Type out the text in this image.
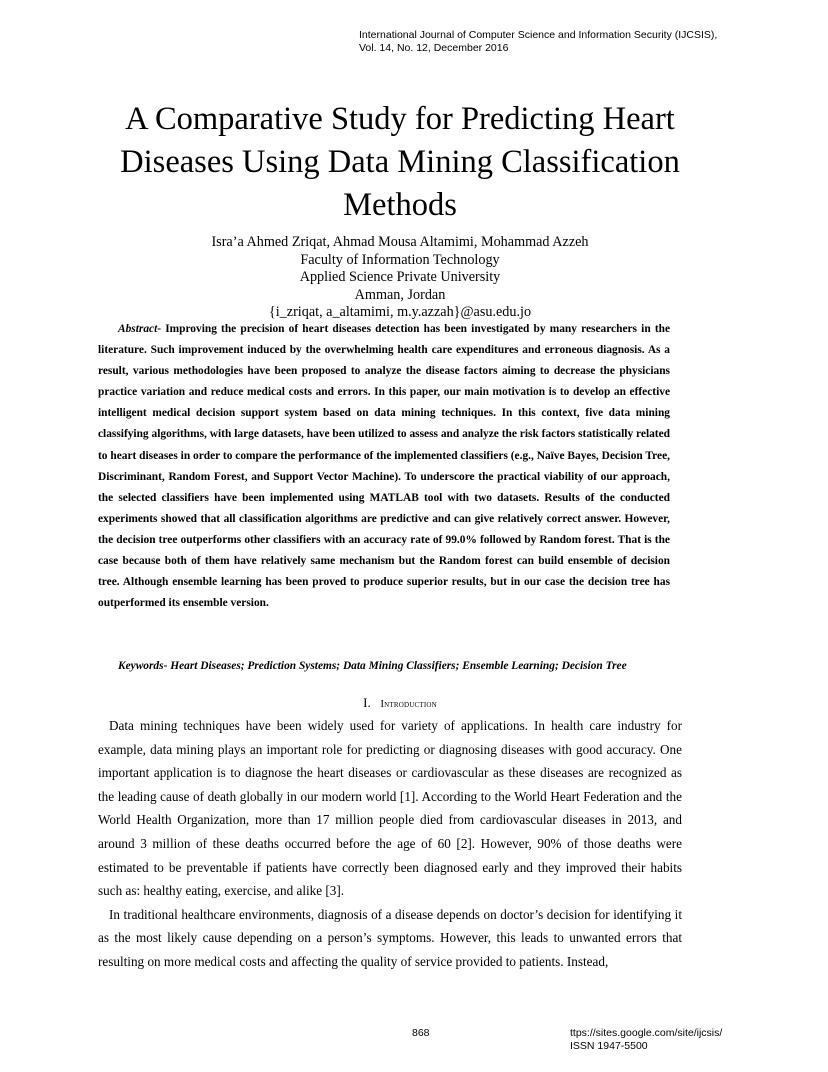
International Journal of Computer Science and Information Security (IJCSIS),
Vol. 14, No. 12, December 2016
A Comparative Study for Predicting Heart
Diseases Using Data Mining Classification
Methods
Isra’a Ahmed Zriqat, Ahmad Mousa Altamimi, Mohammad Azzeh
Faculty of Information Technology
Applied Science Private University
Amman, Jordan
{i_zriqat, a_altamimi, m.y.azzah}@asu.edu.jo
Abstract- Improving the precision of heart diseases detection has been investigated by many researchers in the literature. Such improvement induced by the overwhelming health care expenditures and erroneous diagnosis. As a result, various methodologies have been proposed to analyze the disease factors aiming to decrease the physicians practice variation and reduce medical costs and errors. In this paper, our main motivation is to develop an effective intelligent medical decision support system based on data mining techniques. In this context, five data mining classifying algorithms, with large datasets, have been utilized to assess and analyze the risk factors statistically related to heart diseases in order to compare the performance of the implemented classifiers (e.g., Naïve Bayes, Decision Tree, Discriminant, Random Forest, and Support Vector Machine). To underscore the practical viability of our approach, the selected classifiers have been implemented using MATLAB tool with two datasets. Results of the conducted experiments showed that all classification algorithms are predictive and can give relatively correct answer. However, the decision tree outperforms other classifiers with an accuracy rate of 99.0% followed by Random forest. That is the case because both of them have relatively same mechanism but the Random forest can build ensemble of decision tree. Although ensemble learning has been proved to produce superior results, but in our case the decision tree has outperformed its ensemble version.
Keywords- Heart Diseases; Prediction Systems; Data Mining Classifiers; Ensemble Learning; Decision Tree
I. Introduction

Data mining techniques have been widely used for variety of applications. In health care industry for example, data mining plays an important role for predicting or diagnosing diseases with good accuracy. One important application is to diagnose the heart diseases or cardiovascular as these diseases are recognized as the leading cause of death globally in our modern world [1]. According to the World Heart Federation and the World Health Organization, more than 17 million people died from cardiovascular diseases in 2013, and around 3 million of these deaths occurred before the age of 60 [2]. However, 90% of those deaths were estimated to be preventable if patients have correctly been diagnosed early and they improved their habits such as: healthy eating, exercise, and alike [3].

In traditional healthcare environments, diagnosis of a disease depends on doctor’s decision for identifying it as the most likely cause depending on a person’s symptoms. However, this leads to unwanted errors that resulting on more medical costs and affecting the quality of service provided to patients. Instead,

868	ttps://sites.google.com/site/ijcsis/
ISSN 1947-5500
